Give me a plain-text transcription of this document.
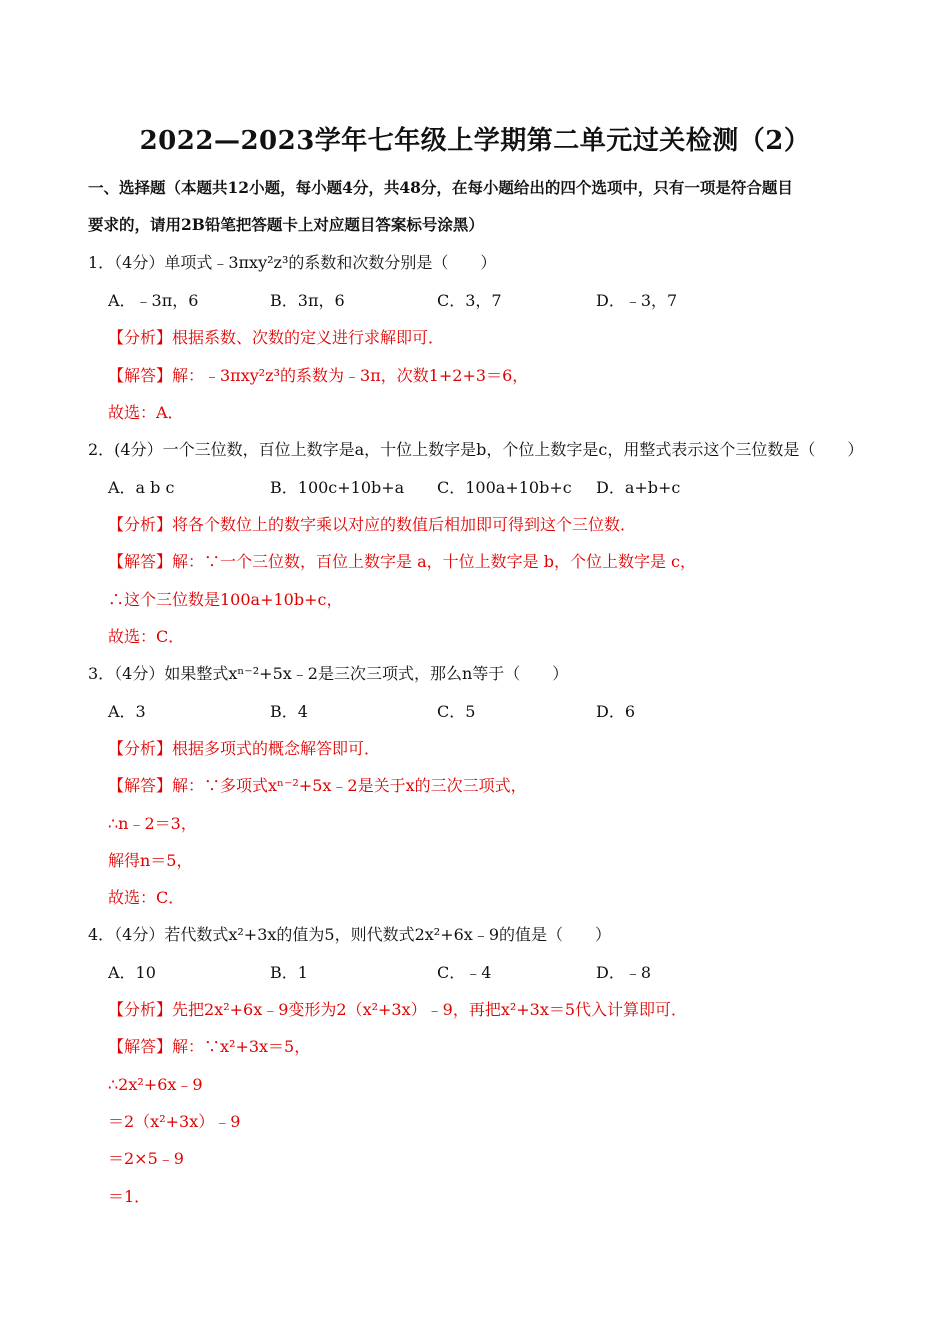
2022—2023学年七年级上学期第二单元过关检测（2）
一、选择题（本题共12小题，每小题4分，共48分，在每小题给出的四个选项中，只有一项是符合题目
要求的，请用2B铅笔把答题卡上对应题目答案标号涂黑）
1．（4分）单项式﹣3πxy²z³的系数和次数分别是（　　）
A．﹣3π，6	B．3π，6	C．3，7	D．﹣3，7
【分析】根据系数、次数的定义进行求解即可．
【解答】解：﹣3πxy²z³的系数为﹣3π，次数1+2+3＝6，
故选：A．
2．(4分）一个三位数，百位上数字是a，十位上数字是b，个位上数字是c，用整式表示这个三位数是（　　）
A．a b c	B．100c+10b+a C．100a+10b+c D．a+b+c
【分析】将各个数位上的数字乘以对应的数值后相加即可得到这个三位数．
【解答】解：∵一个三位数，百位上数字是 a，十位上数字是 b，个位上数字是 c，
∴这个三位数是100a+10b+c，
故选：C．
3．（4分）如果整式xⁿ⁻²+5x﹣2是三次三项式，那么n等于（　　）
A．3	B．4	C．5	D．6
【分析】根据多项式的概念解答即可．
【解答】解：∵多项式xⁿ⁻²+5x﹣2是关于x的三次三项式，
∴n﹣2＝3，
解得n＝5，
故选：C．
4．（4分）若代数式x²+3x的值为5，则代数式2x²+6x﹣9的值是（　　）
A．10	B．1	C．﹣4	D．﹣8
【分析】先把2x²+6x﹣9变形为2（x²+3x）﹣9，再把x²+3x＝5代入计算即可．
【解答】解：∵x²+3x＝5，
∴2x²+6x﹣9
＝2（x²+3x）﹣9
＝2×5﹣9
＝1．
